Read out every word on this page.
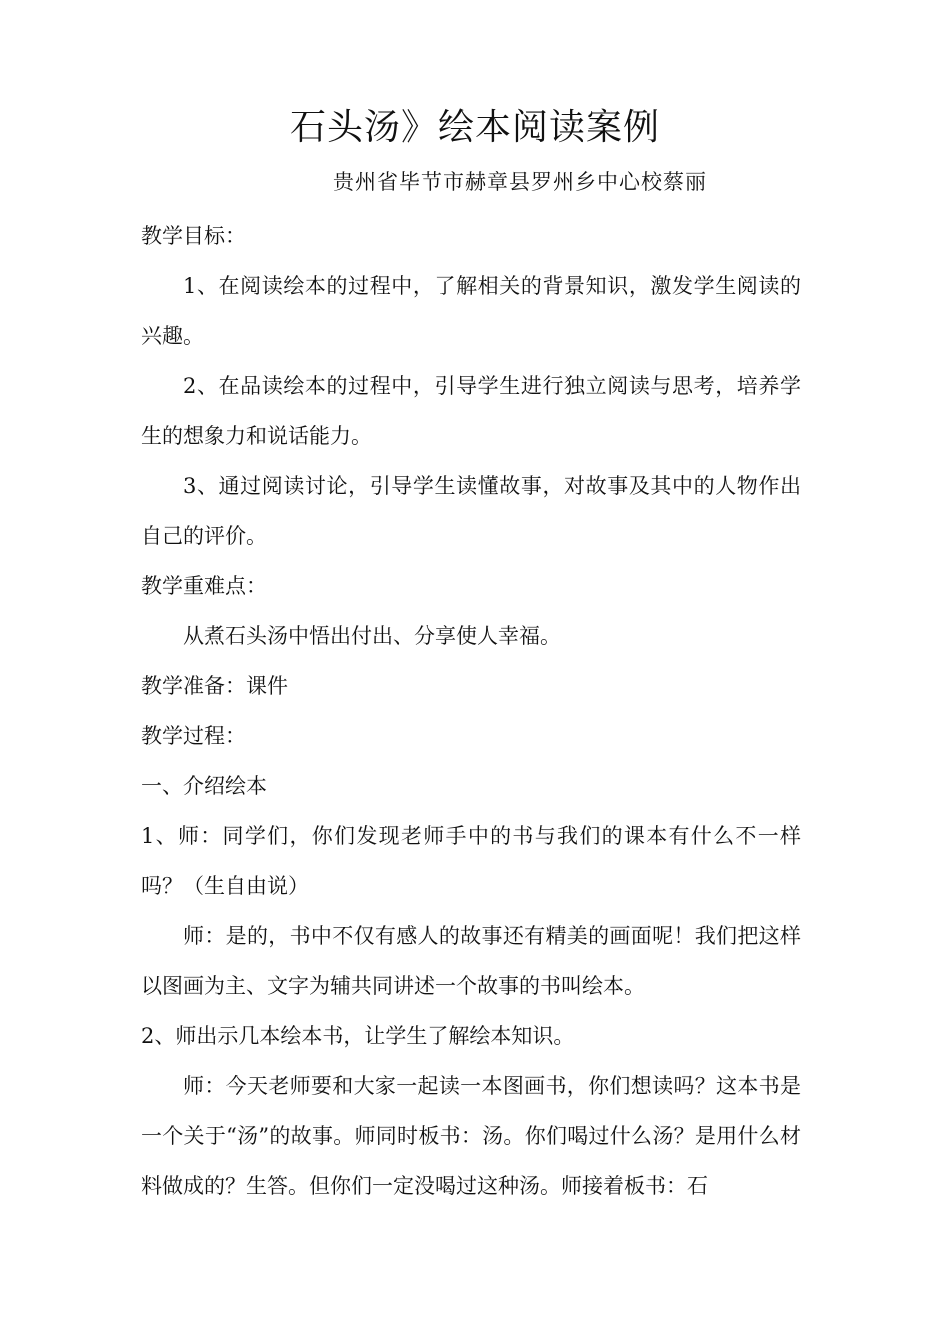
石头汤》绘本阅读案例
贵州省毕节市赫章县罗州乡中心校蔡丽

教学目标：

1、在阅读绘本的过程中，了解相关的背景知识，激发学生阅读的兴趣。

2、在品读绘本的过程中，引导学生进行独立阅读与思考，培养学生的想象力和说话能力。

3、通过阅读讨论，引导学生读懂故事，对故事及其中的人物作出自己的评价。

教学重难点：

从煮石头汤中悟出付出、分享使人幸福。

教学准备：课件

教学过程：

一、介绍绘本

1、师：同学们，你们发现老师手中的书与我们的课本有什么不一样吗？（生自由说）

师：是的，书中不仅有感人的故事还有精美的画面呢！我们把这样以图画为主、文字为辅共同讲述一个故事的书叫绘本。

2、师出示几本绘本书，让学生了解绘本知识。

师：今天老师要和大家一起读一本图画书，你们想读吗？这本书是一个关于“汤”的故事。师同时板书：汤。你们喝过什么汤？是用什么材料做成的？生答。但你们一定没喝过这种汤。师接着板书：石
